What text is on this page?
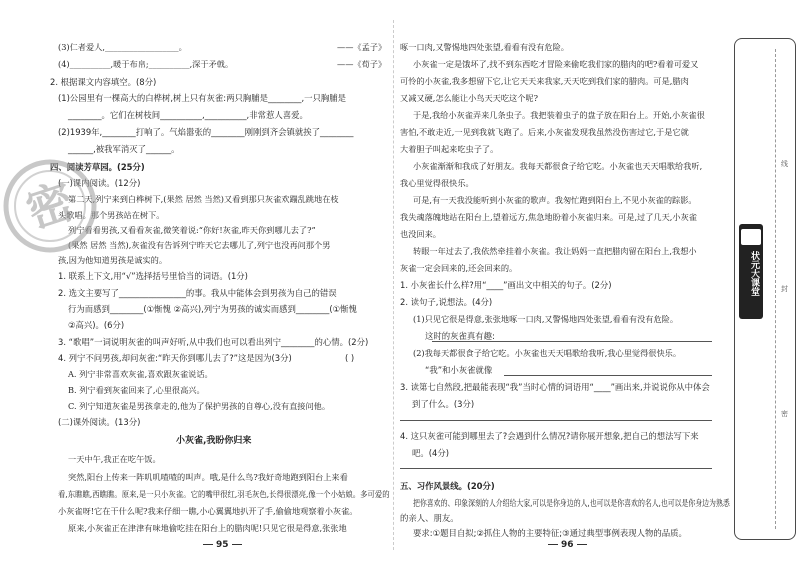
(3)仁者爱人,__________________。	——《孟子》
(4)__________,暖于布帛;__________,深于矛戟。	——《荀子》
2. 根据课文内容填空。(8分)
(1)公园里有一棵高大的白桦树,树上只有灰雀:两只胸脯是________,一只胸脯是
________。它们在树枝间__________,__________,非常惹人喜爱。
(2)1939年,________打响了。气焰嚣张的________刚刚到齐会镇就挨了________
______,被我军消灭了______。
四、阅读芳草园。(25分)
(一)课内阅读。(12分)
第二天,列宁来到白桦树下,(果然 居然 当然)又看到那只灰雀欢蹦乱跳地在枝
头歌唱。那个男孩站在树下。
列宁看看男孩,又看看灰雀,微笑着说:“你好!灰雀,昨天你到哪儿去了?”
(果然 居然 当然),灰雀没有告诉列宁昨天它去哪儿了,列宁也没再问那个男
孩,因为他知道男孩是诚实的。
1. 联系上下文,用“√”选择括号里恰当的词语。(1分)
2. 选文主要写了________________的事。我从中能体会到男孩为自己的错误
行为而感到________(①惭愧 ②高兴),列宁为男孩的诚实而感到________(①惭愧
②高兴)。(6分)
3. “歌唱”一词说明灰雀的叫声好听,从中我们也可以看出列宁________的心情。(2分)
4. 列宁不问男孩,却问灰雀:“昨天你到哪儿去了?”这是因为(3分)	( )
A. 列宁非常喜欢灰雀,喜欢跟灰雀说话。
B. 列宁看到灰雀回来了,心里很高兴。
C. 列宁知道灰雀是男孩拿走的,他为了保护男孩的自尊心,没有直接问他。
(二)课外阅读。(13分)
小灰雀,我盼你归来
一天中午,我正在吃午饭。
突然,阳台上传来一阵叽叽喳喳的叫声。哦,是什么鸟?我好奇地跑到阳台上来看
看,东瞧瞧,西瞧瞧。原来,是一只小灰雀。它的嘴甲很红,羽毛灰色,长得很漂亮,像一个小姑娘。多可爱的
小灰雀呀!它在干什么呢?我来仔细一瞧,小心翼翼地扒开了手,偷偷地观察着小灰雀。
原来,小灰雀正在津津有味地偷吃挂在阳台上的腊肉呢!只见它很是得意,张张地
啄一口肉,又警惕地四处张望,看看有没有危险。
小灰雀一定是饿坏了,找不到东西吃才冒险来偷吃我们家的腊肉的吧?看着可爱又
可怜的小灰雀,我多想留下它,让它天天来我家,天天吃到我们家的腊肉。可是,腊肉
又减又硬,怎么能让小鸟天天吃这个呢?
于是,我给小灰雀弄来几条虫子。我把装着虫子的盘子放在阳台上。开始,小灰雀很
害怕,不敢走近,一见到我就飞跑了。后来,小灰雀发现我虽然没伤害过它,于是它就
大着胆子叫起来吃虫子了。
小灰雀渐渐和我成了好朋友。我每天都很食子给它吃。小灰雀也天天唱歌给我听,
我心里觉得很快乐。
可是,有一天我没能听到小灰雀的歌声。我匆忙跑到阳台上,不见小灰雀的踪影。
我失魂落魄地站在阳台上,望着远方,焦急地盼着小灰雀归来。可是,过了几天,小灰雀
也没回来。
转眼一年过去了,我依然牵挂着小灰雀。我让妈妈一直把腊肉留在阳台上,我想小
灰雀一定会回来的,还会回来的。
1. 小灰雀长什么样?用“____”画出文中相关的句子。(2分)
2. 读句子,说想法。(4分)
(1)只见它很是得意,张张地啄一口肉,又警惕地四处张望,看看有没有危险。
这时的灰雀真有趣:
(2)我每天都很食子给它吃。小灰雀也天天唱歌给我听,我心里觉得很快乐。
“我”和小灰雀就像
3. 读第七自然段,把最能表现“我”当时心情的词语用“____”画出来,并说说你从中体会
到了什么。(3分)
4. 这只灰雀可能到哪里去了?会遇到什么情况?请你展开想象,把自己的想法写下来
吧。(4分)
五、习作风景线。(20分)
把你喜欢的、印象深刻的人介绍给大家,可以是你身边的人,也可以是你喜欢的名人,也可以是你身边为熟悉
的亲人、朋友。
要求:①题目自拟;②抓住人物的主要特征;③通过典型事例表现人物的品质。
95	96
密
线
封
密
状元大课堂
